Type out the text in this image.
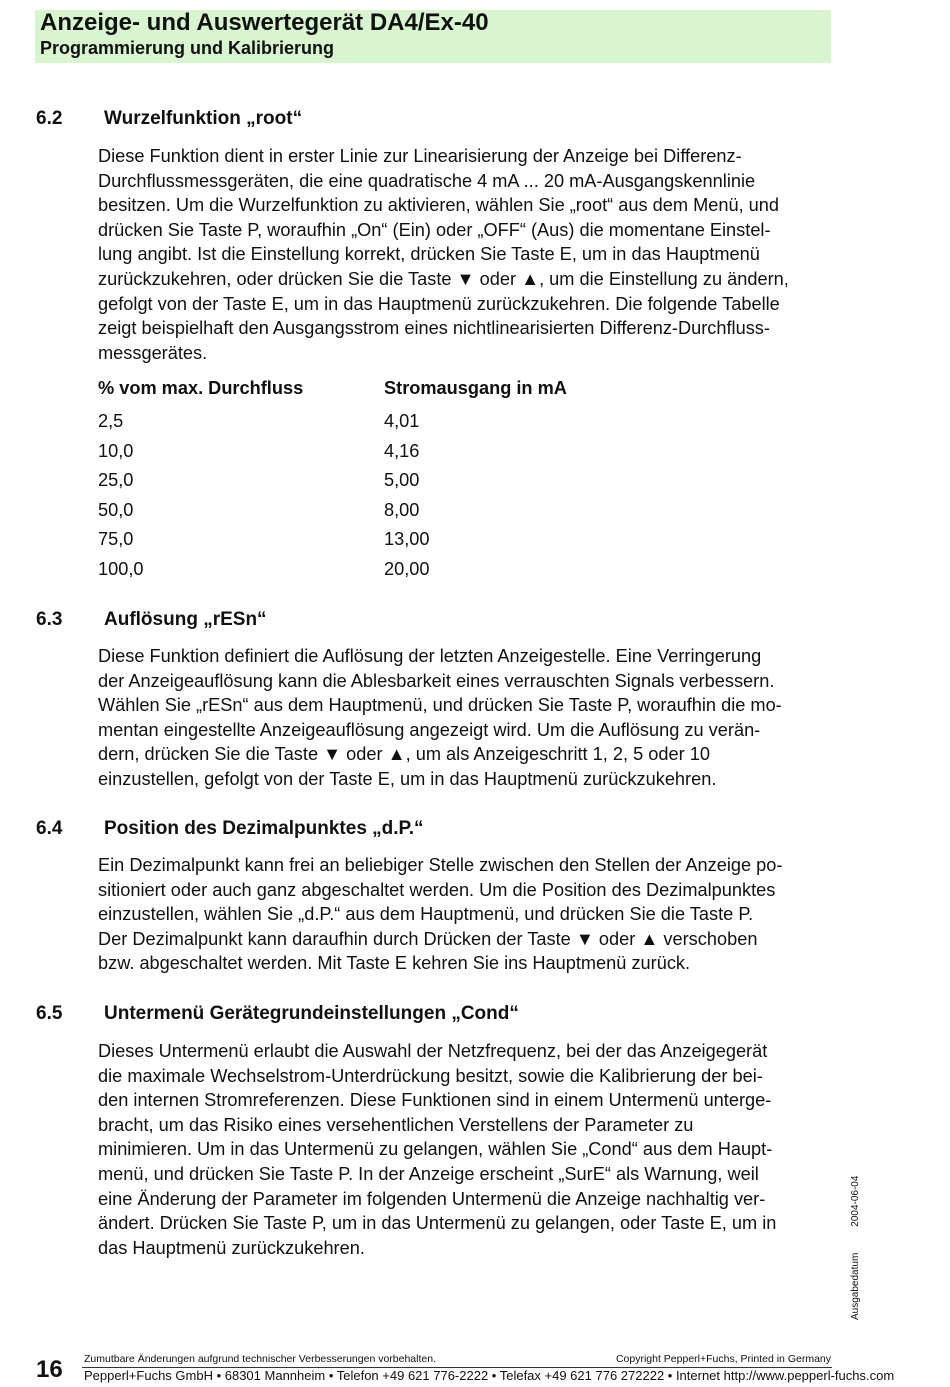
Anzeige- und Auswertegerät DA4/Ex-40
Programmierung und Kalibrierung
6.2 Wurzelfunktion „root“
Diese Funktion dient in erster Linie zur Linearisierung der Anzeige bei Differenz-
Durchflussmessgeräten, die eine quadratische 4 mA ... 20 mA-Ausgangskennlinie
besitzen. Um die Wurzelfunktion zu aktivieren, wählen Sie „root“ aus dem Menü, und
drücken Sie Taste P, woraufhin „On“ (Ein) oder „OFF“ (Aus) die momentane Einstel-
lung angibt. Ist die Einstellung korrekt, drücken Sie Taste E, um in das Hauptmenü
zurückzukehren, oder drücken Sie die Taste ▼ oder ▲, um die Einstellung zu ändern,
gefolgt von der Taste E, um in das Hauptmenü zurückzukehren. Die folgende Tabelle
zeigt beispielhaft den Ausgangsstrom eines nichtlinearisierten Differenz-Durchfluss-
messgerätes.
% vom max. Durchfluss	Stromausgang in mA
2,5	4,01
10,0	4,16
25,0	5,00
50,0	8,00
75,0	13,00
100,0	20,00
6.3 Auflösung „rESn“
Diese Funktion definiert die Auflösung der letzten Anzeigestelle. Eine Verringerung
der Anzeigeauflösung kann die Ablesbarkeit eines verrauschten Signals verbessern.
Wählen Sie „rESn“ aus dem Hauptmenü, und drücken Sie Taste P, woraufhin die mo-
mentan eingestellte Anzeigeauflösung angezeigt wird. Um die Auflösung zu verän-
dern, drücken Sie die Taste ▼ oder ▲, um als Anzeigeschritt 1, 2, 5 oder 10
einzustellen, gefolgt von der Taste E, um in das Hauptmenü zurückzukehren.
6.4 Position des Dezimalpunktes „d.P.“
Ein Dezimalpunkt kann frei an beliebiger Stelle zwischen den Stellen der Anzeige po-
sitioniert oder auch ganz abgeschaltet werden. Um die Position des Dezimalpunktes
einzustellen, wählen Sie „d.P.“ aus dem Hauptmenü, und drücken Sie die Taste P.
Der Dezimalpunkt kann daraufhin durch Drücken der Taste ▼ oder ▲ verschoben
bzw. abgeschaltet werden. Mit Taste E kehren Sie ins Hauptmenü zurück.
6.5 Untermenü Gerätegrundeinstellungen „Cond“
Dieses Untermenü erlaubt die Auswahl der Netzfrequenz, bei der das Anzeigegerät
die maximale Wechselstrom-Unterdrückung besitzt, sowie die Kalibrierung der bei-
den internen Stromreferenzen. Diese Funktionen sind in einem Untermenü unterge-
bracht, um das Risiko eines versehentlichen Verstellens der Parameter zu
minimieren. Um in das Untermenü zu gelangen, wählen Sie „Cond“ aus dem Haupt-
menü, und drücken Sie Taste P. In der Anzeige erscheint „SurE“ als Warnung, weil
eine Änderung der Parameter im folgenden Untermenü die Anzeige nachhaltig ver-
ändert. Drücken Sie Taste P, um in das Untermenü zu gelangen, oder Taste E, um in
das Hauptmenü zurückzukehren.
Ausgabedatum2004-06-04
16 Zumutbare Änderungen aufgrund technischer Verbesserungen vorbehalten.	Copyright Pepperl+Fuchs, Printed in Germany
Pepperl+Fuchs GmbH • 68301 Mannheim • Telefon +49 621 776-2222 • Telefax +49 621 776 272222 • Internet http://www.pepperl-fuchs.com
